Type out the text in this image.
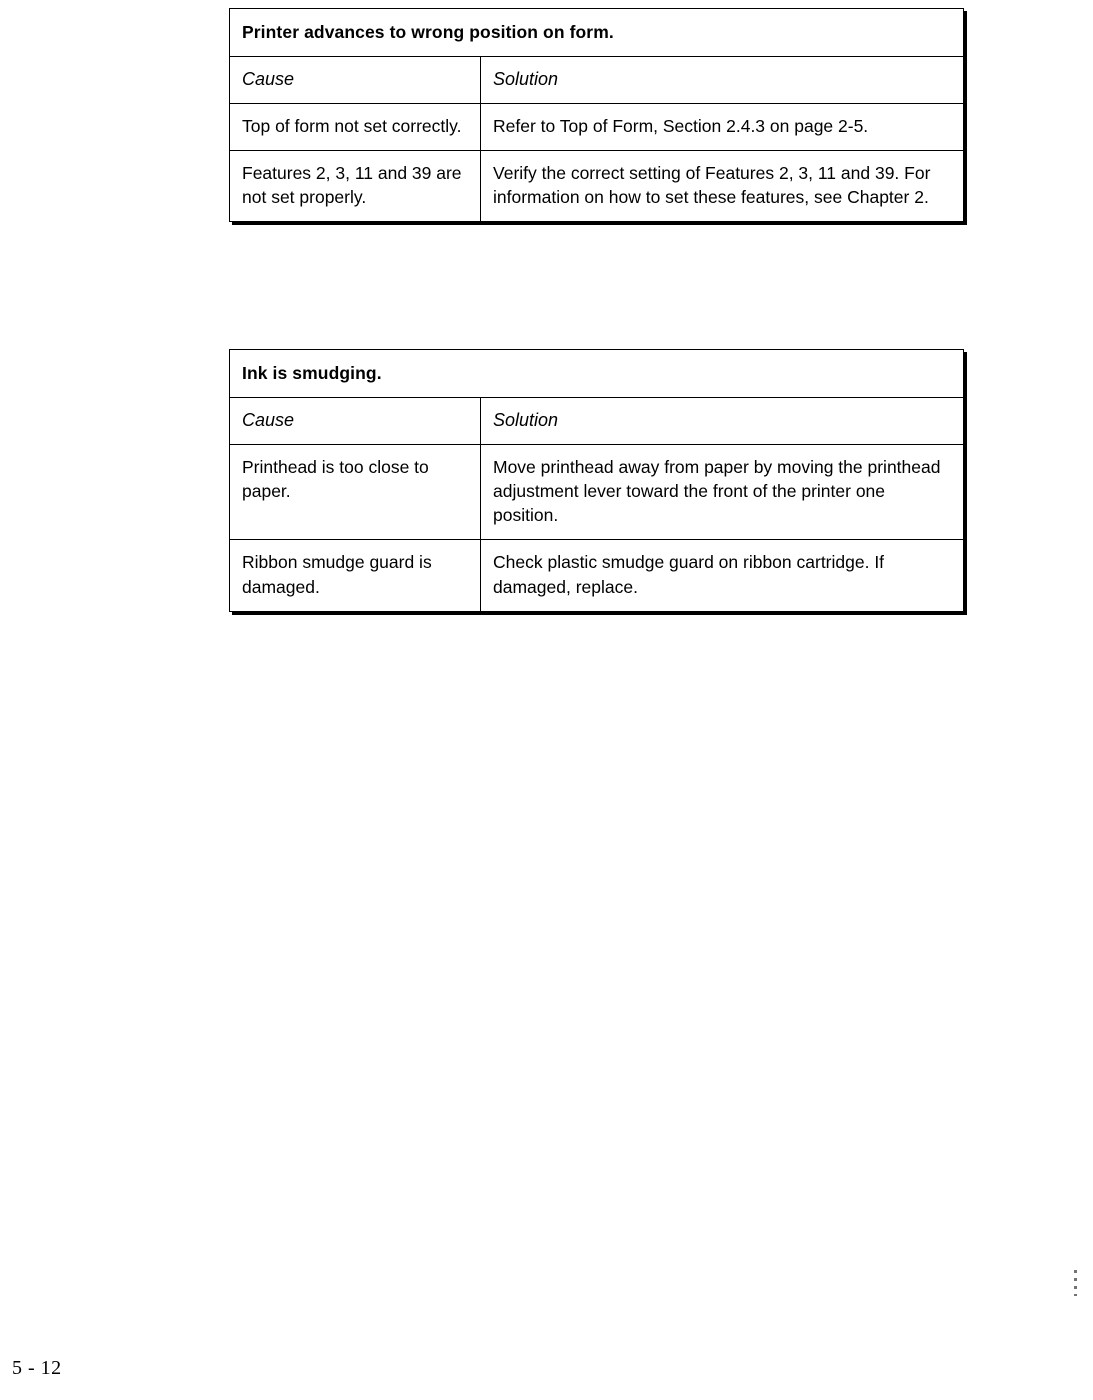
Printer advances to wrong position on form.	
Cause	Solution
Top of form not set correctly.	Refer to Top of Form, Section 2.4.3 on page 2-5.
Features 2, 3, 11 and 39 are not set properly.	Verify the correct setting of Features 2, 3, 11 and 39. For information on how to set these features, see Chapter 2.
Ink is smudging.	
Cause	Solution
Printhead is too close to paper.	Move printhead away from paper by moving the printhead adjustment lever toward the front of the printer one position.
Ribbon smudge guard is damaged.	Check plastic smudge guard on ribbon cartridge. If damaged, replace.
5 - 12
